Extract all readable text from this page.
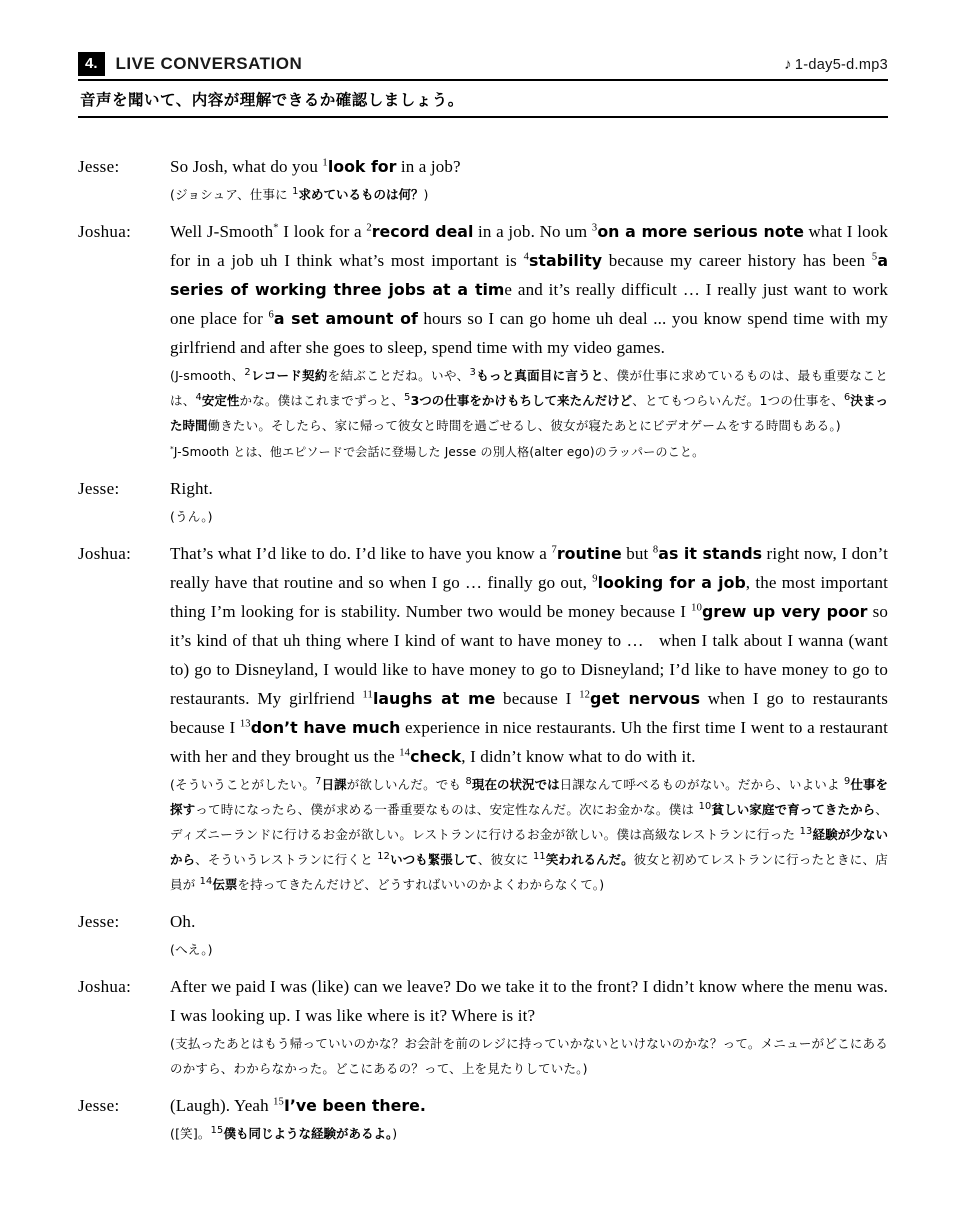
4.	LIVE CONVERSATION	♪ 1-day5-d.mp3
音声を聞いて、内容が理解できるか確認しましょう。
Jesse:	So Josh, what do you $^1$look for in a job?
(ジョシュア、仕事に $^1$求めているものは何？)
Joshua:	Well J-Smooth* I look for a $^2$record deal in a job. No um $^3$on a more serious note what I look for in a job uh I think what’s most important is $^4$stability because my career history has been $^5$a series of working three jobs at a time and it’s really difficult … I really just want to work one place for $^6$a set amount of hours so I can go home uh deal ... you know spend time with my girlfriend and after she goes to sleep, spend time with my video games.
(J-smooth、$^2$レコード契約を結ぶことだね。いや、$^3$もっと真面目に言うと、僕が仕事に求めているものは、最も重要なことは、$^4$安定性かな。僕はこれまでずっと、$^5$3つの仕事をかけもちして来たんだけど、とてもつらいんだ。1つの仕事を、$^6$決まった時間働きたい。そしたら、家に帰って彼女と時間を過ごせるし、彼女が寝たあとにビデオゲームをする時間もある。)
*J-Smooth とは、他エピソードで会話に登場した Jesse の別人格(alter ego)のラッパーのこと。
Jesse:	Right.
(うん。)
Joshua:	That’s what I’d like to do. I’d like to have you know a $^7$routine but $^8$as it stands right now, I don’t really have that routine and so when I go … finally go out, $^9$looking for a job, the most important thing I’m looking for is stability. Number two would be money because I $^{10}$grew up very poor so it’s kind of that uh thing where I kind of want to have money to …   when I talk about I wanna (want to) go to Disneyland, I would like to have money to go to Disneyland; I’d like to have money to go to restaurants. My girlfriend $^{11}$laughs at me because I $^{12}$get nervous when I go to restaurants because I $^{13}$don’t have much experience in nice restaurants. Uh the first time I went to a restaurant with her and they brought us the $^{14}$check, I didn’t know what to do with it.
(そういうことがしたい。$^7$日課が欲しいんだ。でも $^8$現在の状況では日課なんて呼べるものがない。だから、いよいよ $^9$仕事を探すって時になったら、僕が求める一番重要なものは、安定性なんだ。次にお金かな。僕は $^{10}$貧しい家庭で育ってきたから、ディズニーランドに行けるお金が欲しい。レストランに行けるお金が欲しい。僕は高級なレストランに行った $^{13}$経験が少ないから、そういうレストランに行くと $^{12}$いつも緊張して、彼女に $^{11}$笑われるんだ。彼女と初めてレストランに行ったときに、店員が $^{14}$伝票を持ってきたんだけど、どうすればいいのかよくわからなくて。)
Jesse:	Oh.
(へえ。)
Joshua:	After we paid I was (like) can we leave? Do we take it to the front? I didn’t know where the menu was. I was looking up. I was like where is it? Where is it?
(支払ったあとはもう帰っていいのかな？お会計を前のレジに持っていかないといけないのかな？って。メニューがどこにあるのかすら、わからなかった。どこにあるの？って、上を見たりしていた。)
Jesse:	(Laugh). Yeah $^{15}$I’ve been there.
([笑]。$^{15}$僕も同じような経験があるよ。)
